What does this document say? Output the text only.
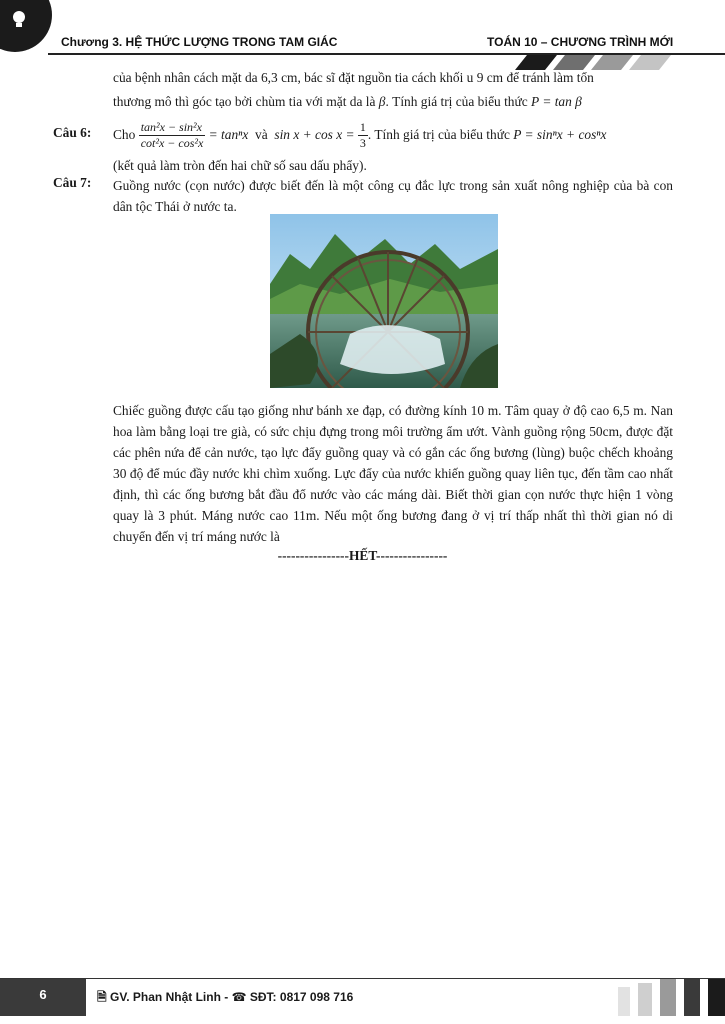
Chương 3. HỆ THỨC LƯỢNG TRONG TAM GIÁC	TOÁN 10 – CHƯƠNG TRÌNH MỚI
của bệnh nhân cách mặt da 6,3 cm, bác sĩ đặt nguồn tia cách khối u 9 cm để tránh làm tổn
thương mô thì góc tạo bởi chùm tia với mặt da là β. Tính giá trị của biểu thức P = tan β
Câu 6: Cho $\frac{\text{tan²x − sin²x}}{\text{cot²x − cos²x}} = \tan^nx$ và $\sin x + \cos x = \frac{1}{3}$ . Tính giá trị của biểu thức P = sinⁿx + cosⁿx
(kết quả làm tròn đến hai chữ số sau dấu phẩy).
Câu 7: Guồng nước (cọn nước) được biết đến là một công cụ đắc lực trong sản xuất nông nghiệp của bà con dân tộc Thái ở nước ta.
Chiếc guồng được cấu tạo giống như bánh xe đạp, có đường kính 10 m. Tâm quay ở độ cao 6,5 m. Nan hoa làm bằng loại tre già, có sức chịu đựng trong môi trường ẩm ướt. Vành guồng rộng 50cm, được đặt các phên nứa để cản nước, tạo lực đẩy guồng quay và có gắn các ống bương (lùng) buộc chếch khoảng 30 độ để múc đầy nước khi chìm xuống. Lực đẩy của nước khiến guồng quay liên tục, đến tầm cao nhất định, thì các ống bương bắt đầu đổ nước vào các máng dài. Biết thời gian cọn nước thực hiện 1 vòng quay là 3 phút. Máng nước cao 11m. Nếu một ống bương đang ở vị trí thấp nhất thì thời gian nó di chuyển đến vị trí máng nước là
----------------HẾT----------------
6	🗎 GV. Phan Nhật Linh - ☎ SĐT: 0817 098 716
